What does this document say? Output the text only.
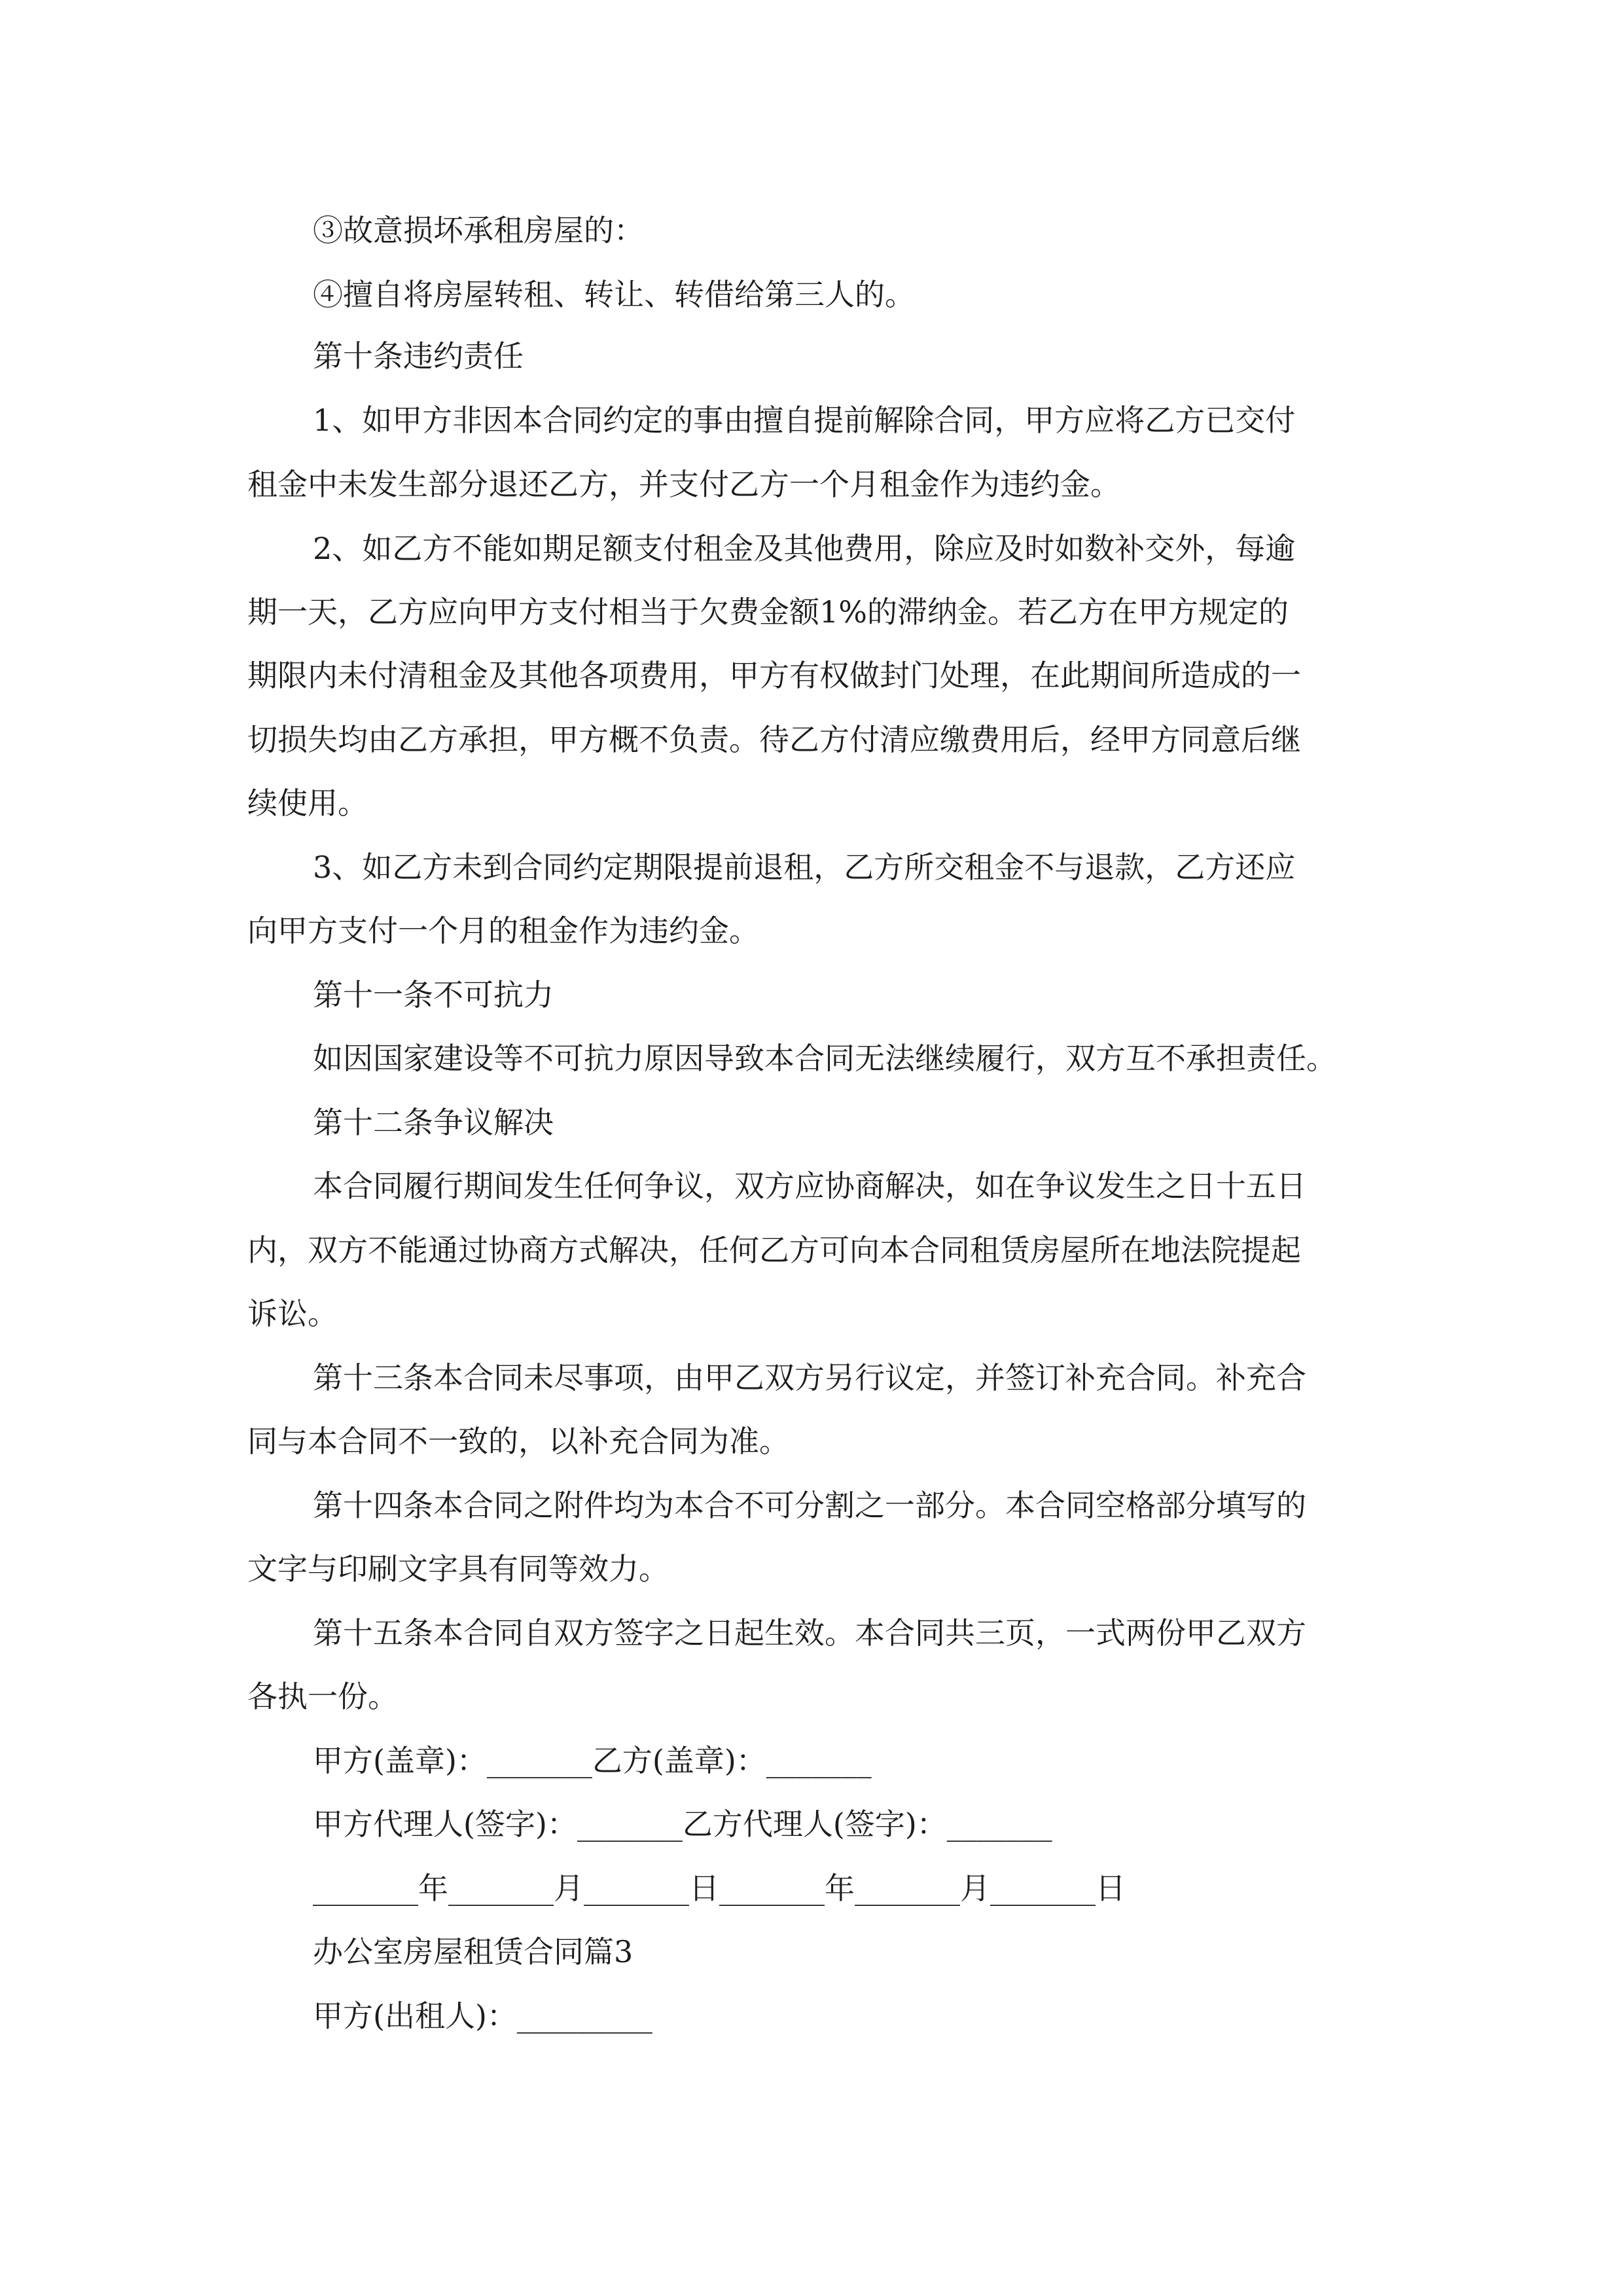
③故意损坏承租房屋的：
④擅自将房屋转租、转让、转借给第三人的。
第十条违约责任
1、如甲方非因本合同约定的事由擅自提前解除合同，甲方应将乙方已交付
租金中未发生部分退还乙方，并支付乙方一个月租金作为违约金。
2、如乙方不能如期足额支付租金及其他费用，除应及时如数补交外，每逾
期一天，乙方应向甲方支付相当于欠费金额1%的滞纳金。若乙方在甲方规定的
期限内未付清租金及其他各项费用，甲方有权做封门处理，在此期间所造成的一
切损失均由乙方承担，甲方概不负责。待乙方付清应缴费用后，经甲方同意后继
续使用。
3、如乙方未到合同约定期限提前退租，乙方所交租金不与退款，乙方还应
向甲方支付一个月的租金作为违约金。
第十一条不可抗力
如因国家建设等不可抗力原因导致本合同无法继续履行，双方互不承担责任。
第十二条争议解决
本合同履行期间发生任何争议，双方应协商解决，如在争议发生之日十五日
内，双方不能通过协商方式解决，任何乙方可向本合同租赁房屋所在地法院提起
诉讼。
第十三条本合同未尽事项，由甲乙双方另行议定，并签订补充合同。补充合
同与本合同不一致的，以补充合同为准。
第十四条本合同之附件均为本合不可分割之一部分。本合同空格部分填写的
文字与印刷文字具有同等效力。
第十五条本合同自双方签字之日起生效。本合同共三页，一式两份甲乙双方
各执一份。
甲方(盖章)：_______乙方(盖章)：_______
甲方代理人(签字)：_______乙方代理人(签字)：_______
_______年_______月_______日_______年_______月_______日
办公室房屋租赁合同篇3
甲方(出租人)：_________
